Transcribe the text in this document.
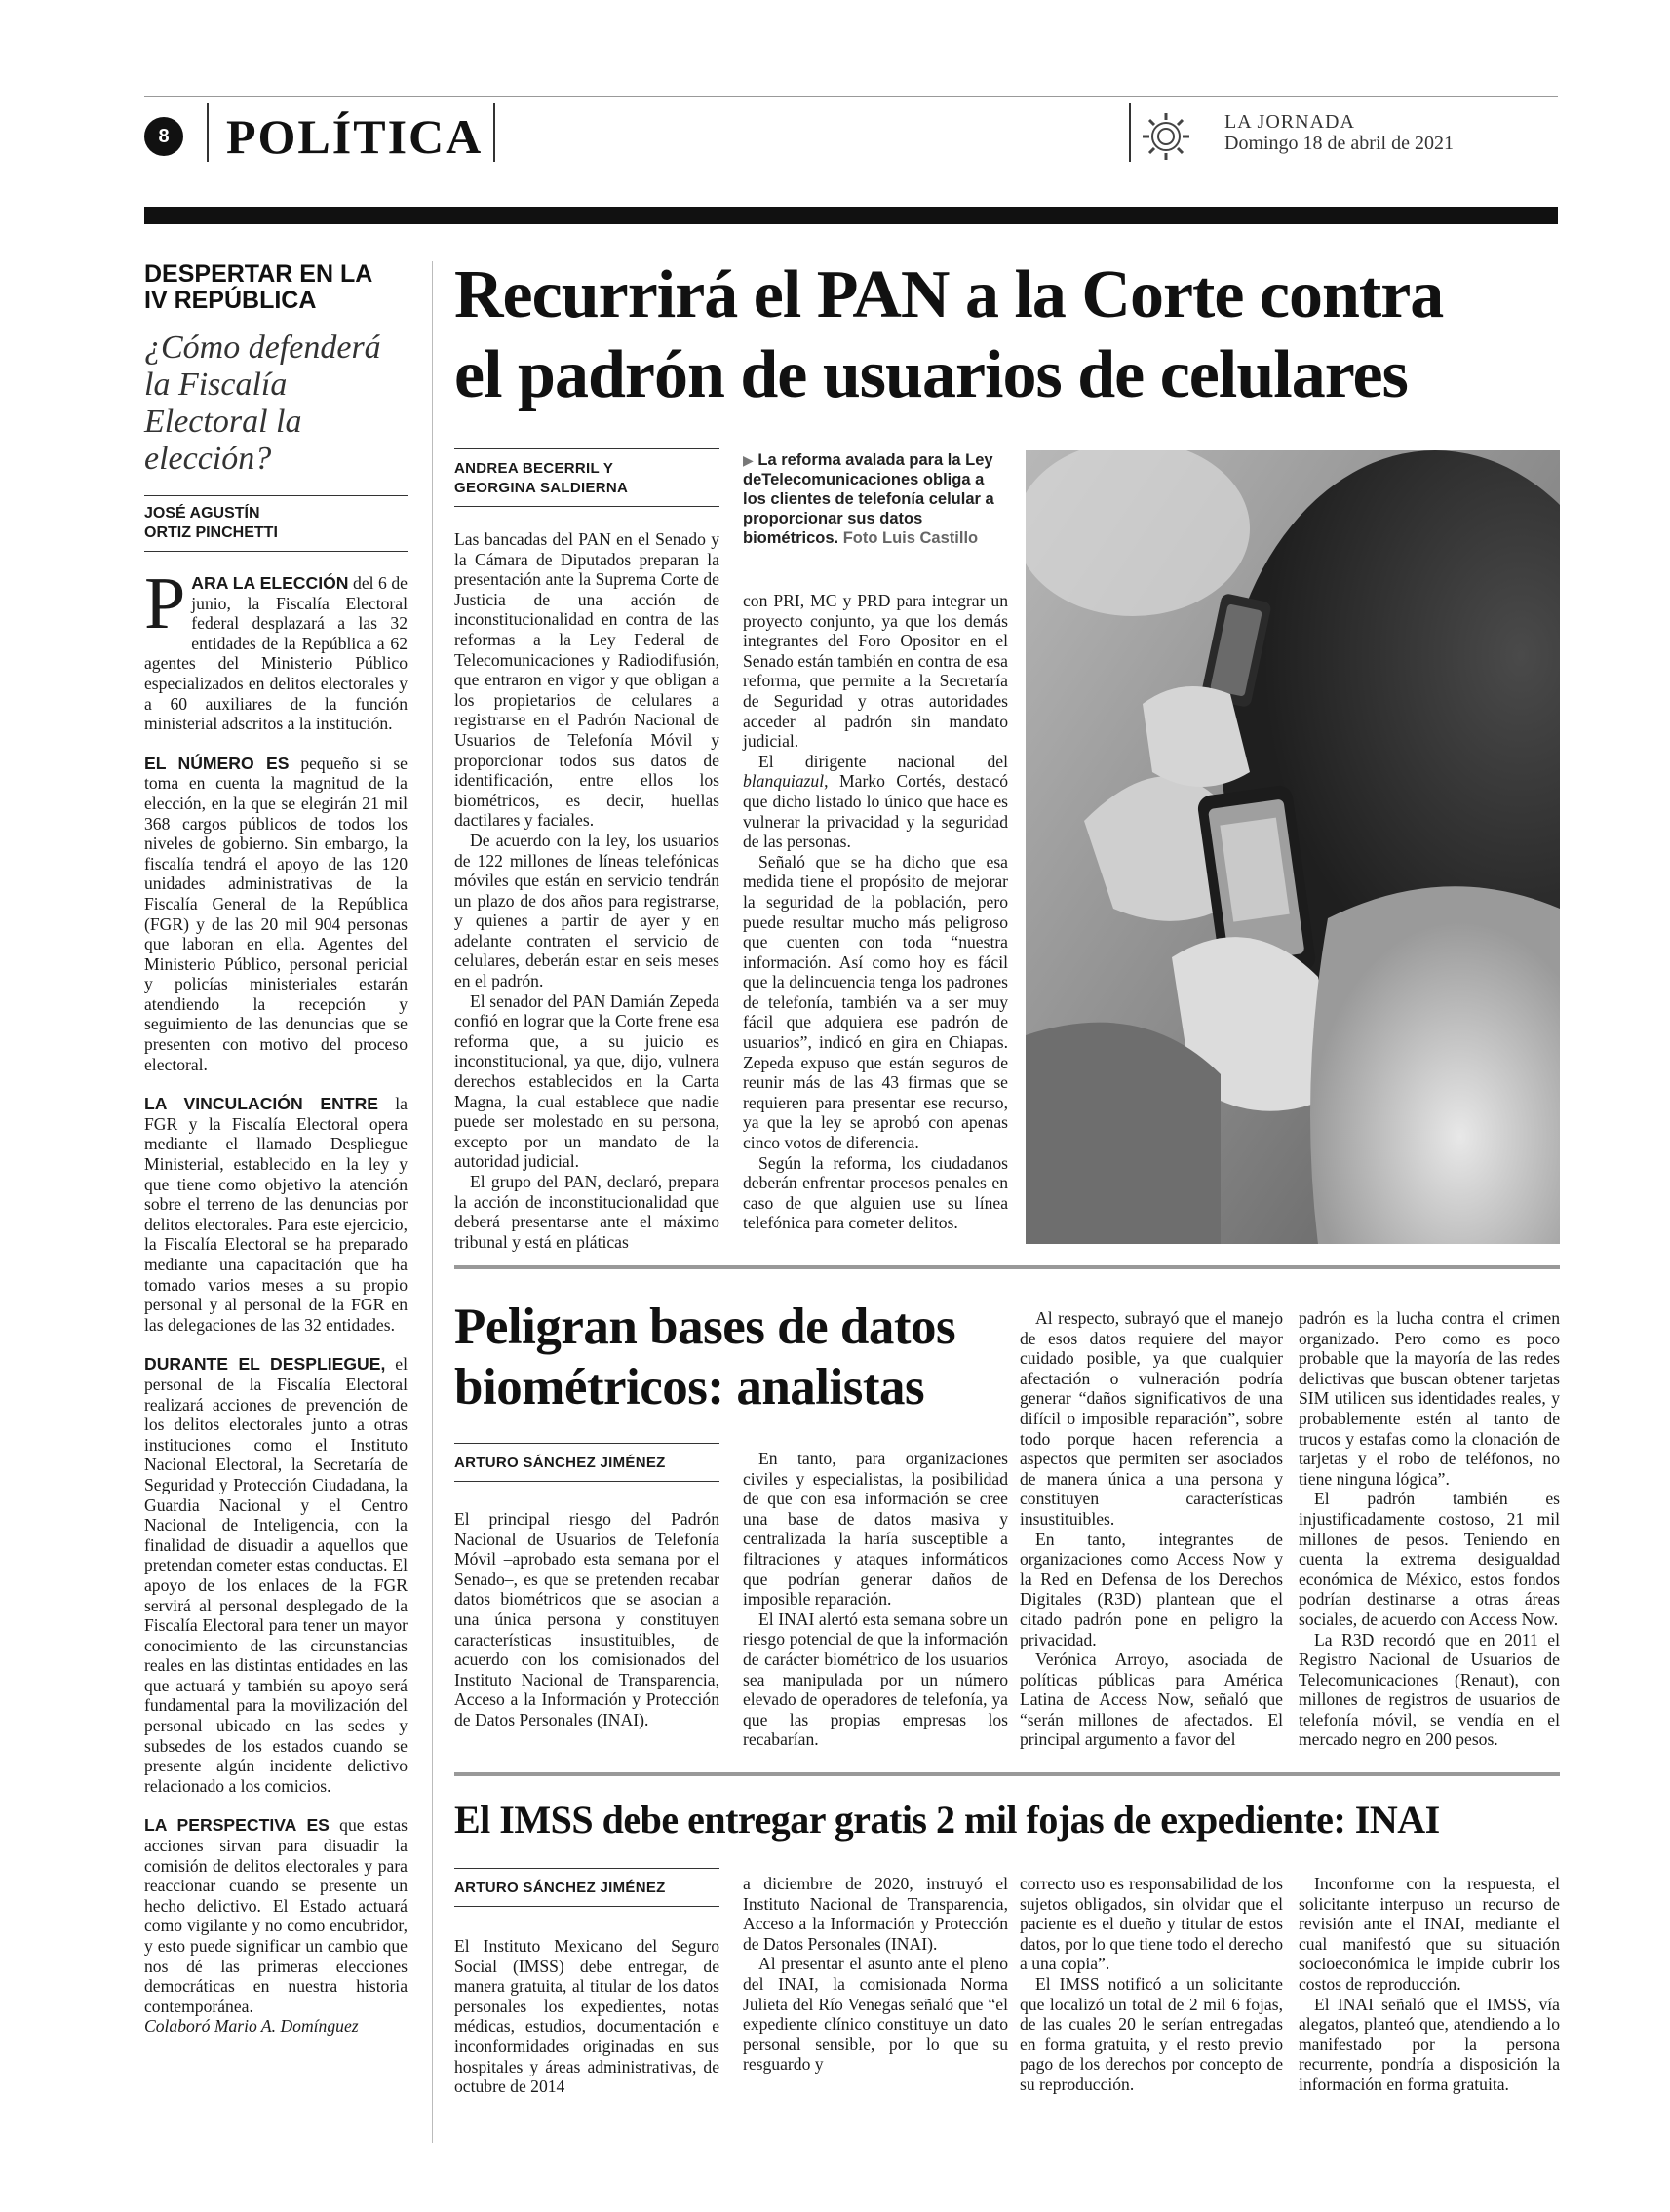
8 POLÍTICA	LA JORNADA
Domingo 18 de abril de 2021
DESPERTAR EN LA IV REPÚBLICA
¿Cómo defenderá la Fiscalía Electoral la elección?
JOSÉ AGUSTÍN ORTIZ PINCHETTI

PARA LA ELECCIÓN del 6 de junio, la Fiscalía Electoral federal desplazará a las 32 entidades de la República a 62 agentes del Ministerio Público especializados en delitos electorales y a 60 auxiliares de la función ministerial adscritos a la institución.

EL NÚMERO ES pequeño si se toma en cuenta la magnitud de la elección, en la que se elegirán 21 mil 368 cargos públicos de todos los niveles de gobierno. Sin embargo, la fiscalía tendrá el apoyo de las 120 unidades administrativas de la Fiscalía General de la República (FGR) y de las 20 mil 904 personas que laboran en ella. Agentes del Ministerio Público, personal pericial y policías ministeriales estarán atendiendo la recepción y seguimiento de las denuncias que se presenten con motivo del proceso electoral.

LA VINCULACIÓN ENTRE la FGR y la Fiscalía Electoral opera mediante el llamado Despliegue Ministerial, establecido en la ley y que tiene como objetivo la atención sobre el terreno de las denuncias por delitos electorales. Para este ejercicio, la Fiscalía Electoral se ha preparado mediante una capacitación que ha tomado varios meses a su propio personal y al personal de la FGR en las delegaciones de las 32 entidades.

DURANTE EL DESPLIEGUE, el personal de la Fiscalía Electoral realizará acciones de prevención de los delitos electorales junto a otras instituciones como el Instituto Nacional Electoral, la Secretaría de Seguridad y Protección Ciudadana, la Guardia Nacional y el Centro Nacional de Inteligencia, con la finalidad de disuadir a aquellos que pretendan cometer estas conductas. El apoyo de los enlaces de la FGR servirá al personal desplegado de la Fiscalía Electoral para tener un mayor conocimiento de las circunstancias reales en las distintas entidades en las que actuará y también su apoyo será fundamental para la movilización del personal ubicado en las sedes y subsedes de los estados cuando se presente algún incidente delictivo relacionado a los comicios.

LA PERSPECTIVA ES que estas acciones sirvan para disuadir la comisión de delitos electorales y para reaccionar cuando se presente un hecho delictivo. El Estado actuará como vigilante y no como encubridor, y esto puede significar un cambio que nos dé las primeras elecciones democráticas en nuestra historia contemporánea.

Colaboró Mario A. Domínguez

Recurrirá el PAN a la Corte contra
el padrón de usuarios de celulares
ANDREA BECERRIL Y
GEORGINA SALDIERNA

Las bancadas del PAN en el Senado y la Cámara de Diputados preparan la presentación ante la Suprema Corte de Justicia de una acción de inconstitucionalidad en contra de las reformas a la Ley Federal de Telecomunicaciones y Radiodifusión, que entraron en vigor y que obligan a los propietarios de celulares a registrarse en el Padrón Nacional de Usuarios de Telefonía Móvil y proporcionar todos sus datos de identificación, entre ellos los biométricos, es decir, huellas dactilares y faciales.

De acuerdo con la ley, los usuarios de 122 millones de líneas telefónicas móviles que están en servicio tendrán un plazo de dos años para registrarse, y quienes a partir de ayer y en adelante contraten el servicio de celulares, deberán estar en seis meses en el padrón.

El senador del PAN Damián Zepeda confió en lograr que la Corte frene esa reforma que, a su juicio es inconstitucional, ya que, dijo, vulnera derechos establecidos en la Carta Magna, la cual establece que nadie puede ser molestado en su persona, excepto por un mandato de la autoridad judicial.

El grupo del PAN, declaró, prepara la acción de inconstitucionalidad que deberá presentarse ante el máximo tribunal y está en pláticas

▶ La reforma avalada para la Ley deTelecomunicaciones obliga a los clientes de telefonía celular a proporcionar sus datos biométricos. Foto Luis Castillo

con PRI, MC y PRD para integrar un proyecto conjunto, ya que los demás integrantes del Foro Opositor en el Senado están también en contra de esa reforma, que permite a la Secretaría de Seguridad y otras autoridades acceder al padrón sin mandato judicial.

El dirigente nacional del blanquiazul, Marko Cortés, destacó que dicho listado lo único que hace es vulnerar la privacidad y la seguridad de las personas.

Señaló que se ha dicho que esa medida tiene el propósito de mejorar la seguridad de la población, pero puede resultar mucho más peligroso que cuenten con toda “nuestra información. Así como hoy es fácil que la delincuencia tenga los padrones de telefonía, también va a ser muy fácil que adquiera ese padrón de usuarios”, indicó en gira en Chiapas. Zepeda expuso que están seguros de reunir más de las 43 firmas que se requieren para presentar ese recurso, ya que la ley se aprobó con apenas cinco votos de diferencia.

Según la reforma, los ciudadanos deberán enfrentar procesos penales en caso de que alguien use su línea telefónica para cometer delitos.

Peligran bases de datos
biométricos: analistas
ARTURO SÁNCHEZ JIMÉNEZ

El principal riesgo del Padrón Nacional de Usuarios de Telefonía Móvil –aprobado esta semana por el Senado–, es que se pretenden recabar datos biométricos que se asocian a una única persona y constituyen características insustituibles, de acuerdo con los comisionados del Instituto Nacional de Transparencia, Acceso a la Información y Protección de Datos Personales (INAI).

En tanto, para organizaciones civiles y especialistas, la posibilidad de que con esa información se cree una base de datos masiva y centralizada la haría susceptible a filtraciones y ataques informáticos que podrían generar daños de imposible reparación.

El INAI alertó esta semana sobre un riesgo potencial de que la información de carácter biométrico de los usuarios sea manipulada por un número elevado de operadores de telefonía, ya que las propias empresas los recabarían.

Al respecto, subrayó que el manejo de esos datos requiere del mayor cuidado posible, ya que cualquier afectación o vulneración podría generar “daños significativos de una difícil o imposible reparación”, sobre todo porque hacen referencia a aspectos que permiten ser asociados de manera única a una persona y constituyen características insustituibles.

En tanto, integrantes de organizaciones como Access Now y la Red en Defensa de los Derechos Digitales (R3D) plantean que el citado padrón pone en peligro la privacidad.

Verónica Arroyo, asociada de políticas públicas para América Latina de Access Now, señaló que “serán millones de afectados. El principal argumento a favor del

padrón es la lucha contra el crimen organizado. Pero como es poco probable que la mayoría de las redes delictivas que buscan obtener tarjetas SIM utilicen sus identidades reales, y probablemente estén al tanto de trucos y estafas como la clonación de tarjetas y el robo de teléfonos, no tiene ninguna lógica”.

El padrón también es injustificadamente costoso, 21 mil millones de pesos. Teniendo en cuenta la extrema desigualdad económica de México, estos fondos podrían destinarse a otras áreas sociales, de acuerdo con Access Now.

La R3D recordó que en 2011 el Registro Nacional de Usuarios de Telecomunicaciones (Renaut), con millones de registros de usuarios de telefonía móvil, se vendía en el mercado negro en 200 pesos.

El IMSS debe entregar gratis 2 mil fojas de expediente: INAI
ARTURO SÁNCHEZ JIMÉNEZ

El Instituto Mexicano del Seguro Social (IMSS) debe entregar, de manera gratuita, al titular de los datos personales los expedientes, notas médicas, estudios, documentación e inconformidades originadas en sus hospitales y áreas administrativas, de octubre de 2014

a diciembre de 2020, instruyó el Instituto Nacional de Transparencia, Acceso a la Información y Protección de Datos Personales (INAI).

Al presentar el asunto ante el pleno del INAI, la comisionada Norma Julieta del Río Venegas señaló que “el expediente clínico constituye un dato personal sensible, por lo que su resguardo y

correcto uso es responsabilidad de los sujetos obligados, sin olvidar que el paciente es el dueño y titular de estos datos, por lo que tiene todo el derecho a una copia”.

El IMSS notificó a un solicitante que localizó un total de 2 mil 6 fojas, de las cuales 20 le serían entregadas en forma gratuita, y el resto previo pago de los derechos por concepto de su reproducción.

Inconforme con la respuesta, el solicitante interpuso un recurso de revisión ante el INAI, mediante el cual manifestó que su situación socioeconómica le impide cubrir los costos de reproducción.

El INAI señaló que el IMSS, vía alegatos, planteó que, atendiendo a lo manifestado por la persona recurrente, pondría a disposición la información en forma gratuita.
